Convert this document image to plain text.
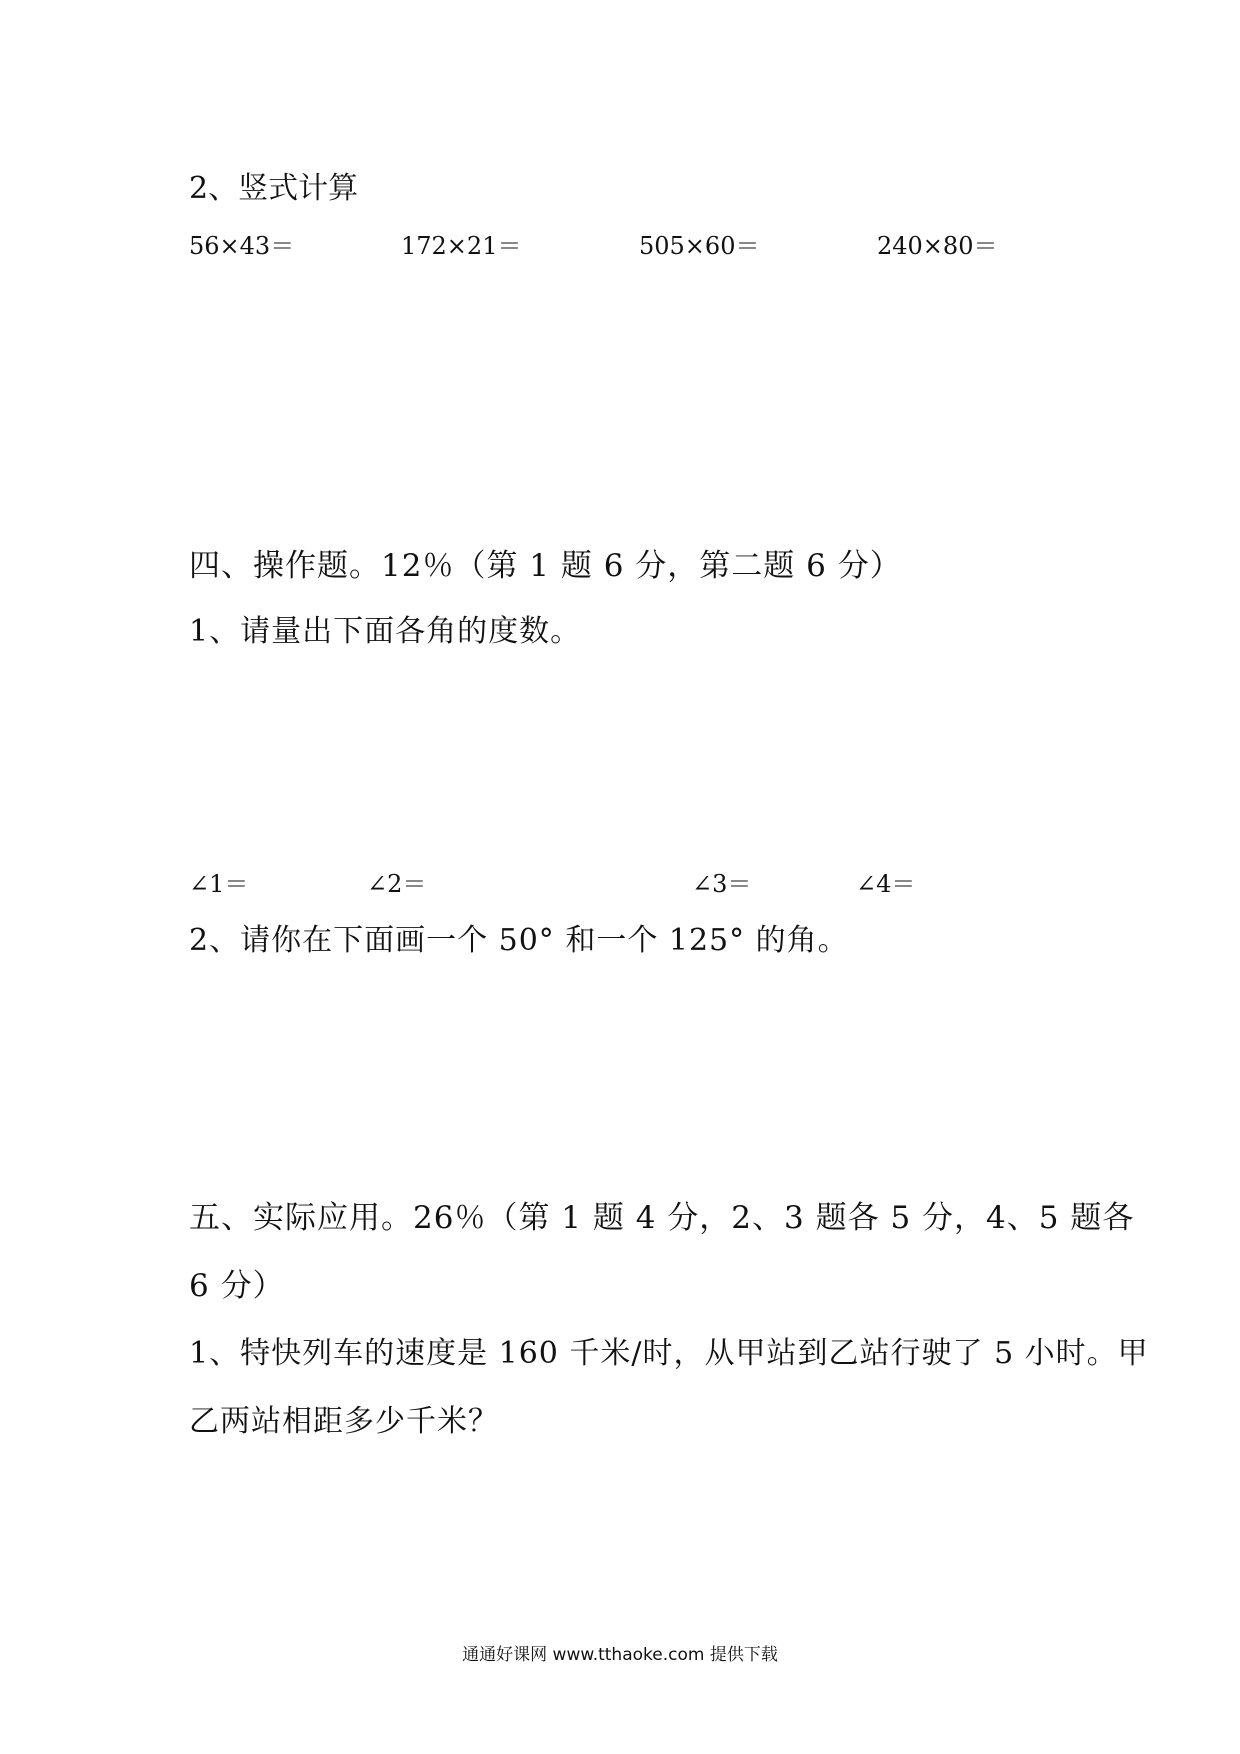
2、竖式计算
56×43＝	172×21＝	505×60＝	240×80＝
四、操作题。12％（第 1 题 6 分，第二题 6 分）
1、请量出下面各角的度数。
∠1＝	∠2＝	∠3＝	∠4＝
2、请你在下面画一个 50° 和一个 125° 的角。
五、实际应用。26％（第 1 题 4 分，2、3 题各 5 分，4、5 题各
6 分）
1、特快列车的速度是 160 千米/时，从甲站到乙站行驶了 5 小时。甲
乙两站相距多少千米？
通通好课网 www.tthaoke.com 提供下载
